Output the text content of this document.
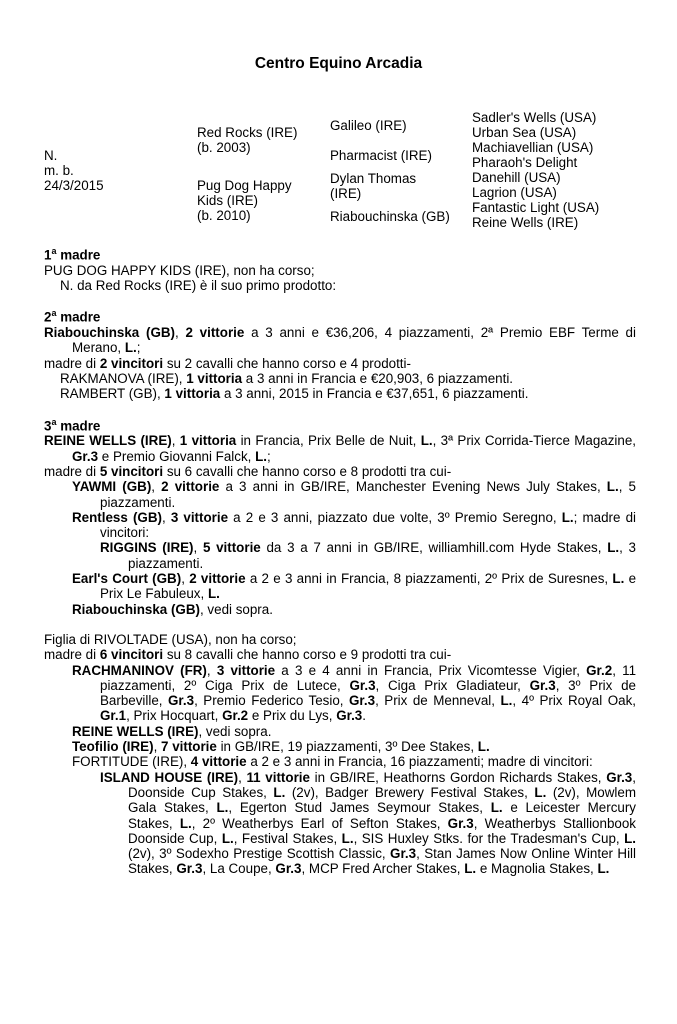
Centro Equino Arcadia
N.
m. b.
24/3/2015
Red Rocks (IRE)
(b. 2003)
Pug Dog Happy
Kids (IRE)
(b. 2010)
Galileo (IRE)
Pharmacist (IRE)
Dylan Thomas
(IRE)
Riabouchinska (GB)
Sadler's Wells (USA)
Urban Sea (USA)
Machiavellian (USA)
Pharaoh's Delight
Danehill (USA)
Lagrion (USA)
Fantastic Light (USA)
Reine Wells (IRE)
1$^a$ madre
PUG DOG HAPPY KIDS (IRE), non ha corso;
N. da Red Rocks (IRE) è il suo primo prodotto:
2$^a$ madre
Riabouchinska (GB), 2 vittorie a 3 anni e €36,206, 4 piazzamenti, 2ª Premio EBF Terme di Merano, L.;
madre di 2 vincitori su 2 cavalli che hanno corso e 4 prodotti-
RAKMANOVA (IRE), 1 vittoria a 3 anni in Francia e €20,903, 6 piazzamenti.
RAMBERT (GB), 1 vittoria a 3 anni, 2015 in Francia e €37,651, 6 piazzamenti.
3$^a$ madre
REINE WELLS (IRE), 1 vittoria in Francia, Prix Belle de Nuit, L., 3ª Prix Corrida-Tierce Magazine, Gr.3 e Premio Giovanni Falck, L.;
madre di 5 vincitori su 6 cavalli che hanno corso e 8 prodotti tra cui-
YAWMI (GB), 2 vittorie a 3 anni in GB/IRE, Manchester Evening News July Stakes, L., 5 piazzamenti.
Rentless (GB), 3 vittorie a 2 e 3 anni, piazzato due volte, 3º Premio Seregno, L.; madre di vincitori:
RIGGINS (IRE), 5 vittorie da 3 a 7 anni in GB/IRE, williamhill.com Hyde Stakes, L., 3 piazzamenti.
Earl's Court (GB), 2 vittorie a 2 e 3 anni in Francia, 8 piazzamenti, 2º Prix de Suresnes, L. e Prix Le Fabuleux, L.
Riabouchinska (GB), vedi sopra.
Figlia di RIVOLTADE (USA), non ha corso;
madre di 6 vincitori su 8 cavalli che hanno corso e 9 prodotti tra cui-
RACHMANINOV (FR), 3 vittorie a 3 e 4 anni in Francia, Prix Vicomtesse Vigier, Gr.2, 11 piazzamenti, 2º Ciga Prix de Lutece, Gr.3, Ciga Prix Gladiateur, Gr.3, 3º Prix de Barbeville, Gr.3, Premio Federico Tesio, Gr.3, Prix de Menneval, L., 4º Prix Royal Oak, Gr.1, Prix Hocquart, Gr.2 e Prix du Lys, Gr.3.
REINE WELLS (IRE), vedi sopra.
Teofilio (IRE), 7 vittorie in GB/IRE, 19 piazzamenti, 3º Dee Stakes, L.
FORTITUDE (IRE), 4 vittorie a 2 e 3 anni in Francia, 16 piazzamenti; madre di vincitori:
ISLAND HOUSE (IRE), 11 vittorie in GB/IRE, Heathorns Gordon Richards Stakes, Gr.3, Doonside Cup Stakes, L. (2v), Badger Brewery Festival Stakes, L. (2v), Mowlem Gala Stakes, L., Egerton Stud James Seymour Stakes, L. e Leicester Mercury Stakes, L., 2º Weatherbys Earl of Sefton Stakes, Gr.3, Weatherbys Stallionbook Doonside Cup, L., Festival Stakes, L., SIS Huxley Stks. for the Tradesman's Cup, L. (2v), 3º Sodexho Prestige Scottish Classic, Gr.3, Stan James Now Online Winter Hill Stakes, Gr.3, La Coupe, Gr.3, MCP Fred Archer Stakes, L. e Magnolia Stakes, L.
